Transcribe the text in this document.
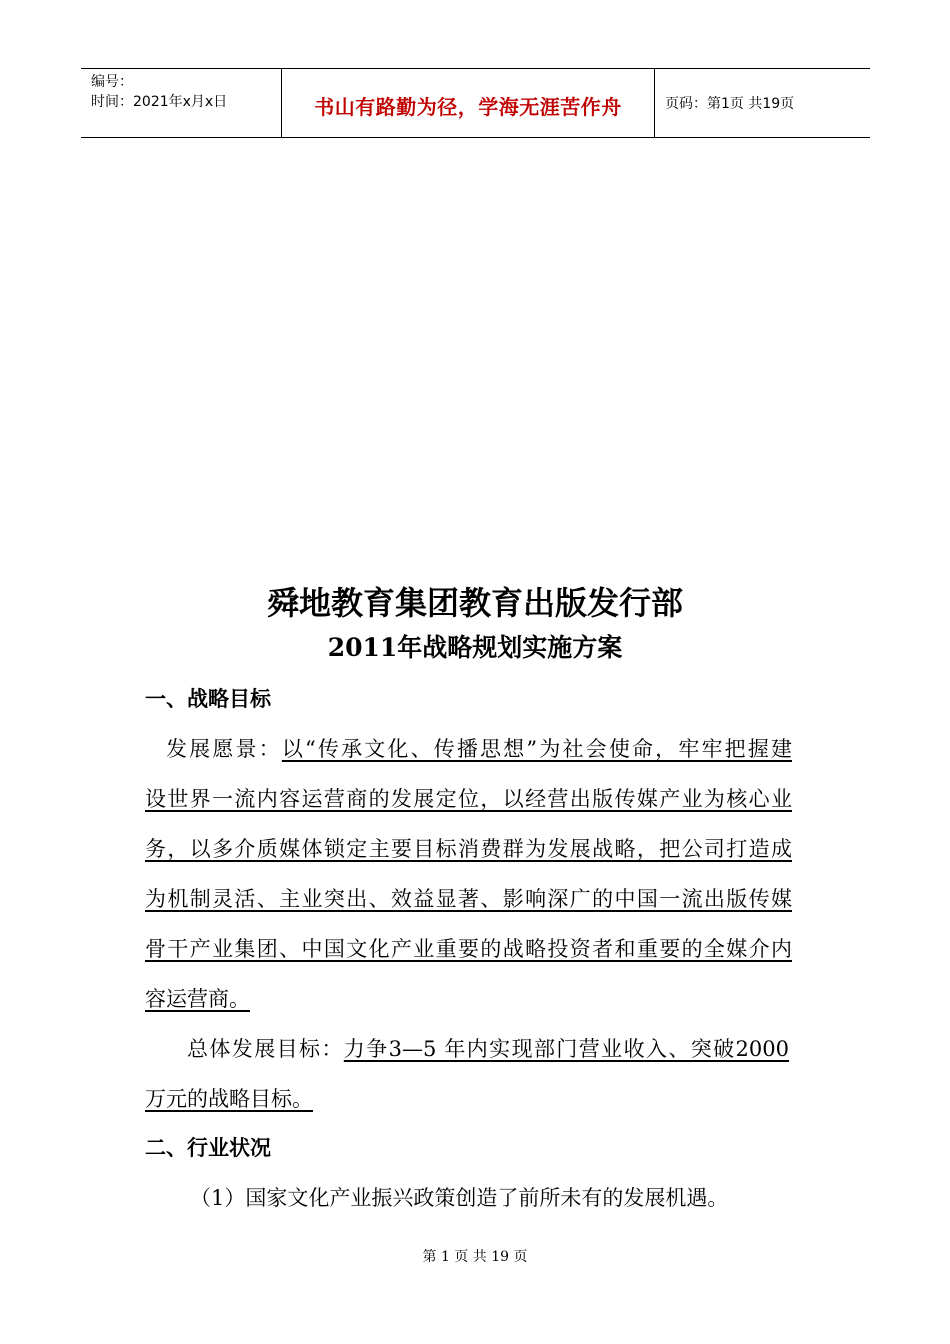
编号：
时间：2021年x月x日	书山有路勤为径，学海无涯苦作舟	页码：第1页 共19页
舜地教育集团教育出版发行部
2011年战略规划实施方案
一、战略目标
发展愿景：以“传承文化、传播思想”为社会使命，牢牢把握建
设世界一流内容运营商的发展定位，以经营出版传媒产业为核心业
务，以多介质媒体锁定主要目标消费群为发展战略，把公司打造成
为机制灵活、主业突出、效益显著、影响深广的中国一流出版传媒
骨干产业集团、中国文化产业重要的战略投资者和重要的全媒介内
容运营商。
总体发展目标：力争3—5 年内实现部门营业收入、突破2000
万元的战略目标。
二、行业状况
（1）国家文化产业振兴政策创造了前所未有的发展机遇。
第 1 页 共 19 页
